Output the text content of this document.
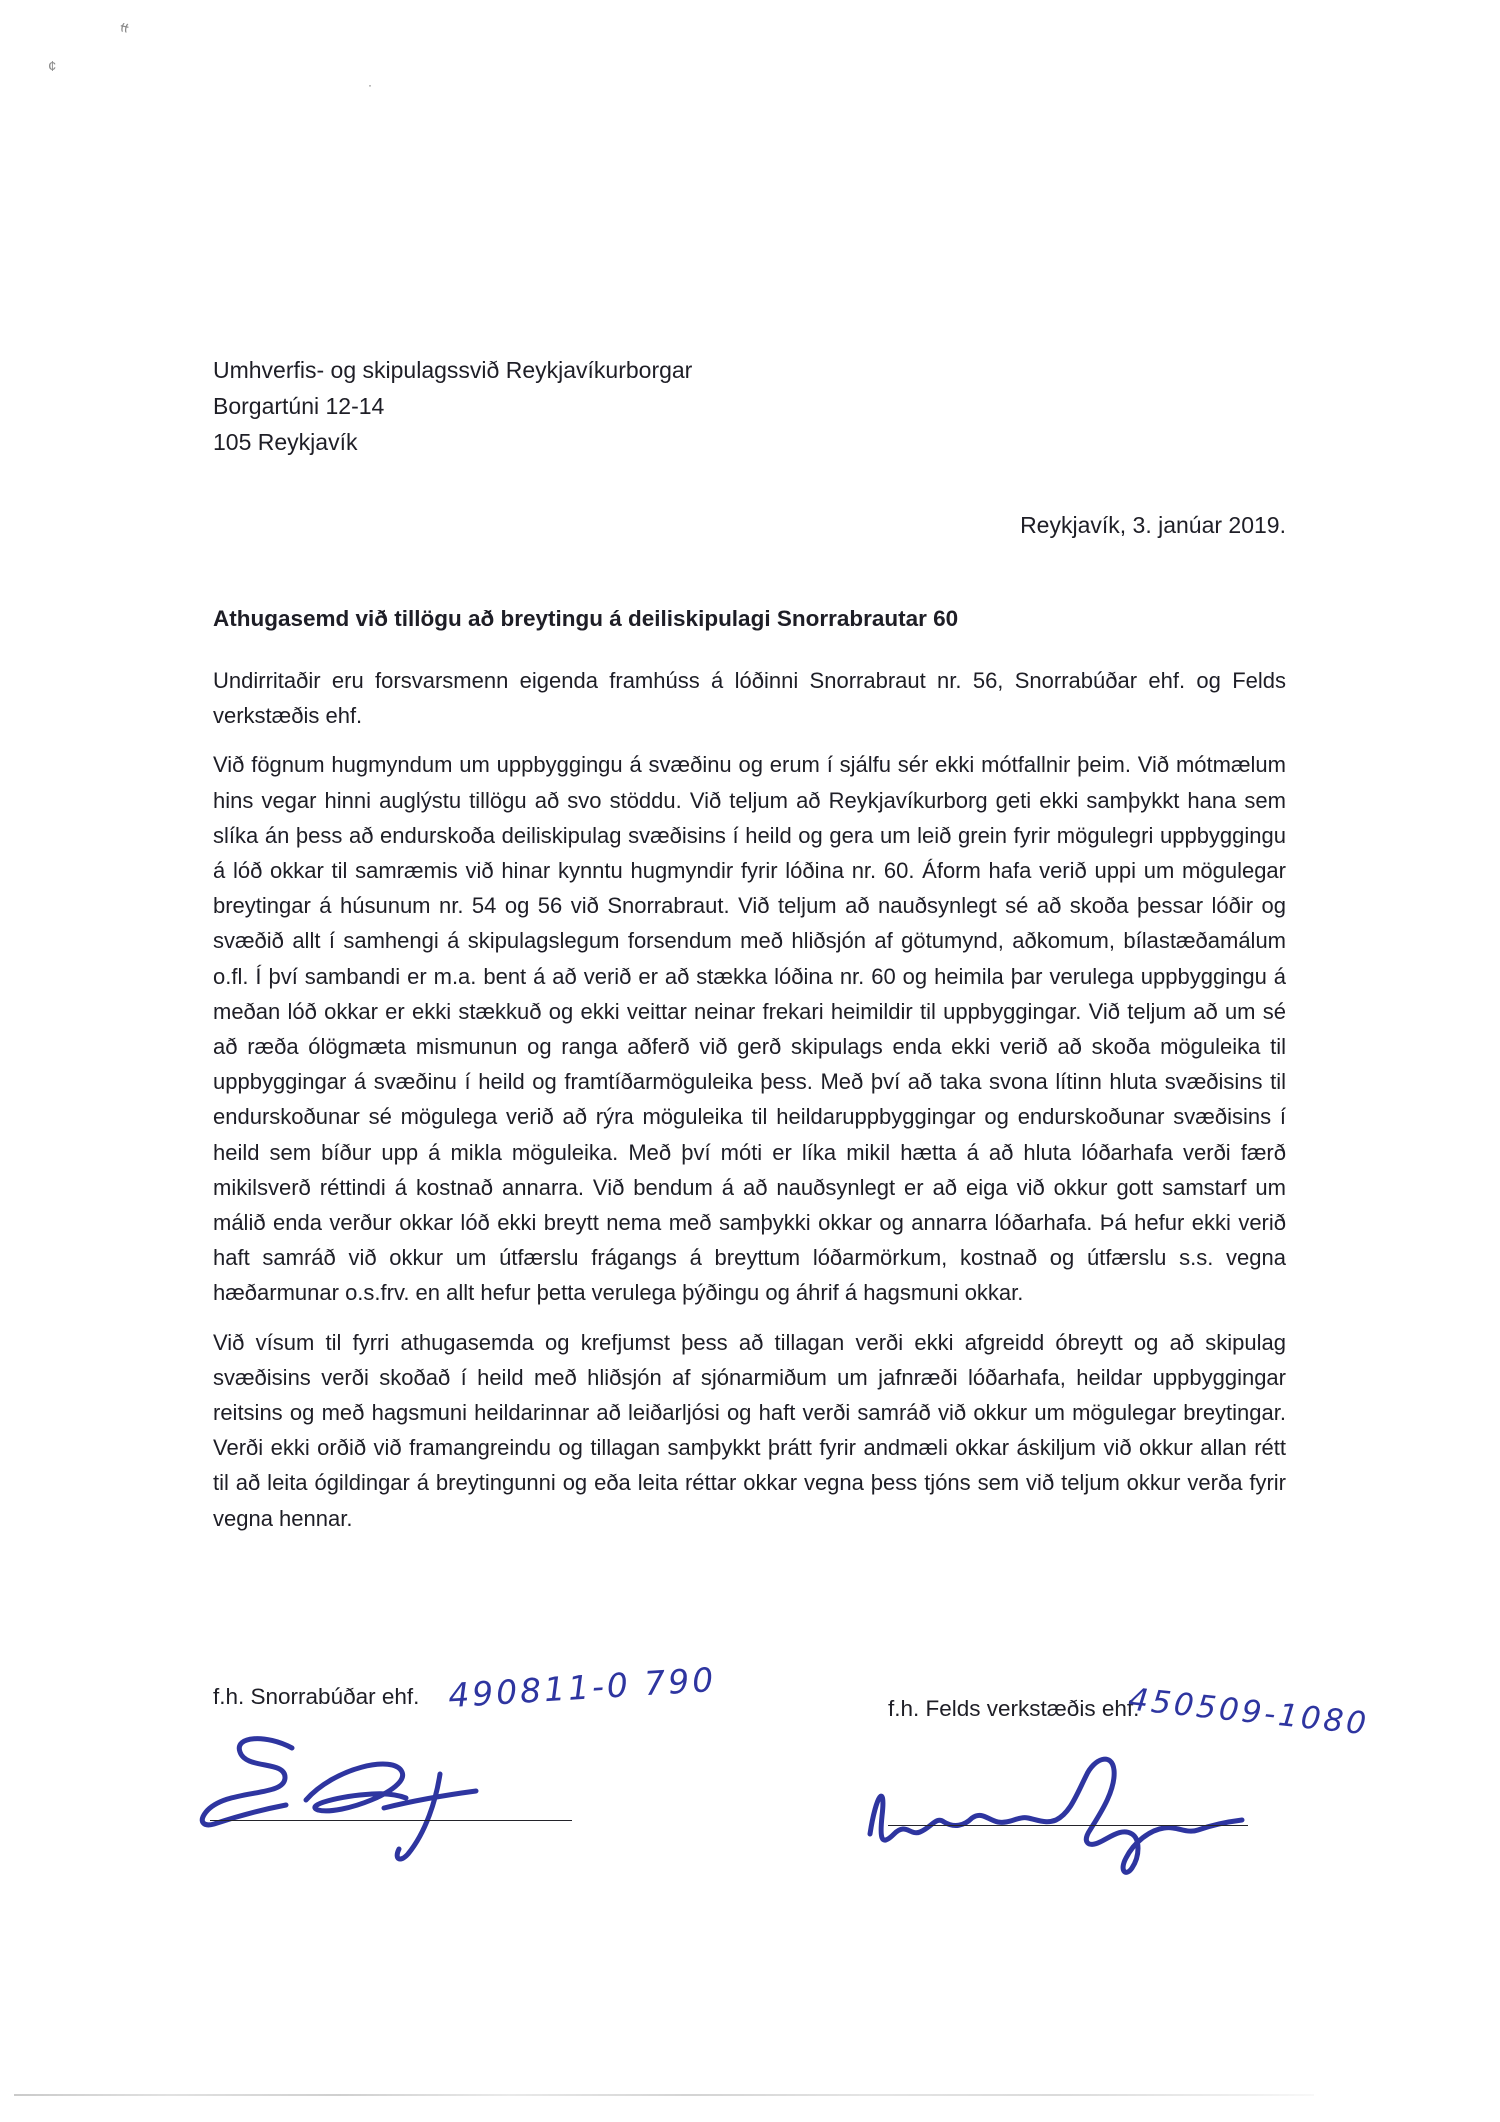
ᰙ
¢
·
Umhverfis- og skipulagssvið Reykjavíkurborgar
Borgartúni 12-14
105 Reykjavík
Reykjavík, 3. janúar 2019.
Athugasemd við tillögu að breytingu á deiliskipulagi Snorrabrautar 60

Undirritaðir eru forsvarsmenn eigenda framhúss á lóðinni Snorrabraut nr. 56, Snorrabúðar ehf. og Felds verkstæðis ehf.

Við fögnum hugmyndum um uppbyggingu á svæðinu og erum í sjálfu sér ekki mótfallnir þeim. Við mótmælum hins vegar hinni auglýstu tillögu að svo stöddu. Við teljum að Reykjavíkurborg geti ekki samþykkt hana sem slíka án þess að endurskoða deiliskipulag svæðisins í heild og gera um leið grein fyrir mögulegri uppbyggingu á lóð okkar til samræmis við hinar kynntu hugmyndir fyrir lóðina nr. 60. Áform hafa verið uppi um mögulegar breytingar á húsunum nr. 54 og 56 við Snorrabraut. Við teljum að nauðsynlegt sé að skoða þessar lóðir og svæðið allt í samhengi á skipulagslegum forsendum með hliðsjón af götumynd, aðkomum, bílastæðamálum o.fl. Í því sambandi er m.a. bent á að verið er að stækka lóðina nr. 60 og heimila þar verulega uppbyggingu á meðan lóð okkar er ekki stækkuð og ekki veittar neinar frekari heimildir til uppbyggingar. Við teljum að um sé að ræða ólögmæta mismunun og ranga aðferð við gerð skipulags enda ekki verið að skoða möguleika til uppbyggingar á svæðinu í heild og framtíðarmöguleika þess. Með því að taka svona lítinn hluta svæðisins til endurskoðunar sé mögulega verið að rýra möguleika til heildaruppbyggingar og endurskoðunar svæðisins í heild sem bíður upp á mikla möguleika. Með því móti er líka mikil hætta á að hluta lóðarhafa verði færð mikilsverð réttindi á kostnað annarra. Við bendum á að nauðsynlegt er að eiga við okkur gott samstarf um málið enda verður okkar lóð ekki breytt nema með samþykki okkar og annarra lóðarhafa. Þá hefur ekki verið haft samráð við okkur um útfærslu frágangs á breyttum lóðarmörkum, kostnað og útfærslu s.s. vegna hæðarmunar o.s.frv. en allt hefur þetta verulega þýðingu og áhrif á hagsmuni okkar.

Við vísum til fyrri athugasemda og krefjumst þess að tillagan verði ekki afgreidd óbreytt og að skipulag svæðisins verði skoðað í heild með hliðsjón af sjónarmiðum um jafnræði lóðarhafa, heildar uppbyggingar reitsins og með hagsmuni heildarinnar að leiðarljósi og haft verði samráð við okkur um mögulegar breytingar. Verði ekki orðið við framangreindu og tillagan samþykkt þrátt fyrir andmæli okkar áskiljum við okkur allan rétt til að leita ógildingar á breytingunni og eða leita réttar okkar vegna þess tjóns sem við teljum okkur verða fyrir vegna hennar.

f.h. Snorrabúðar ehf. 490811-0 790	f.h. Felds verkstæðis ehf.
450509-1080
